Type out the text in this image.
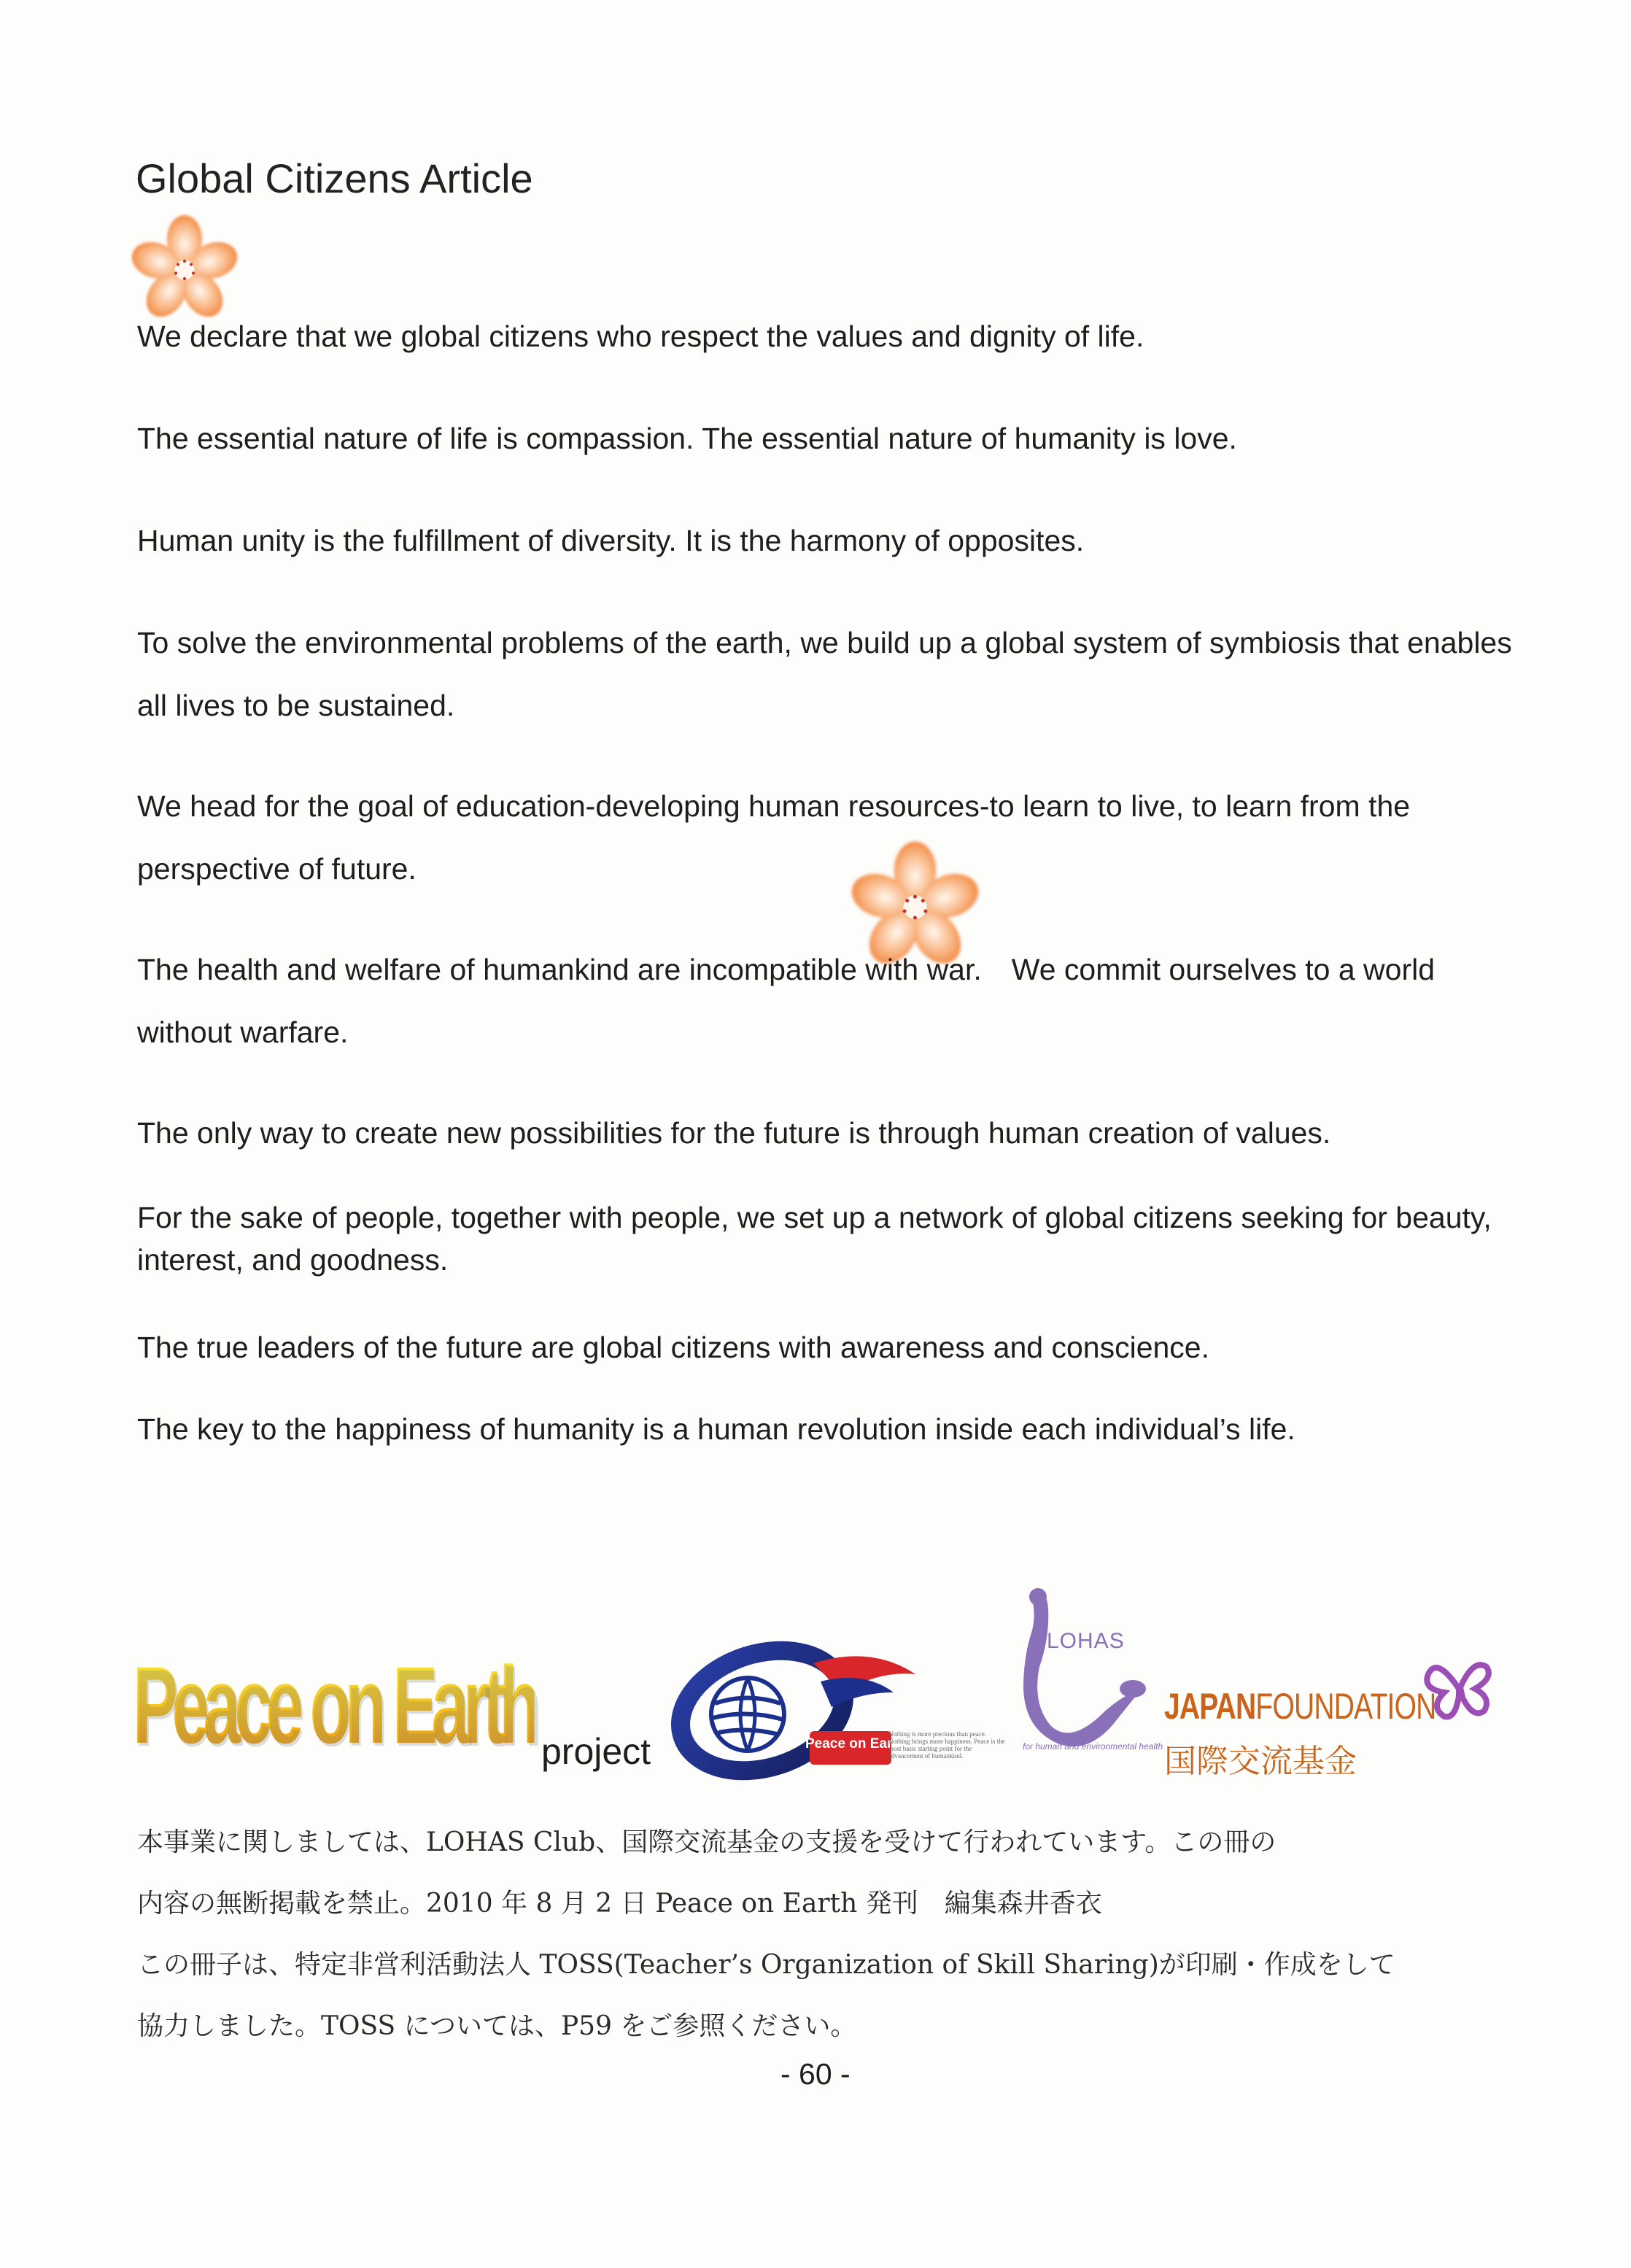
Global Citizens Article
We declare that we global citizens who respect the values and dignity of life.
The essential nature of life is compassion. The essential nature of humanity is love.
Human unity is the fulfillment of diversity. It is the harmony of opposites.
To solve the environmental problems of the earth, we build up a global system of symbiosis that enables all lives to be sustained.
We head for the goal of education-developing human resources-to learn to live, to learn from the perspective of future.
The health and welfare of humankind are incompatible with war.　We commit ourselves to a world without warfare.
The only way to create new possibilities for the future is through human creation of values.
For the sake of people, together with people, we set up a network of global citizens seeking for beauty, interest, and goodness.
The true leaders of the future are global citizens with awareness and conscience.
The key to the happiness of humanity is a human revolution inside each individual’s life.
Peace on Earth project	Peace on Earth
Nothing is more precious than peace. Nothing brings more happiness. Peace is the most basic starting point for the advancement of humankind.
LOHAS
for human and environmental health
JAPANFOUNDATION
国際交流基金
本事業に関しましては、LOHAS Club、国際交流基金の支援を受けて行われています。この冊の
内容の無断掲載を禁止。2010 年 8 月 2 日 Peace on Earth 発刊　編集森井香衣
この冊子は、特定非営利活動法人 TOSS(Teacher’s Organization of Skill Sharing)が印刷・作成をして
協力しました。TOSS については、P59 をご参照ください。
- 60 -
